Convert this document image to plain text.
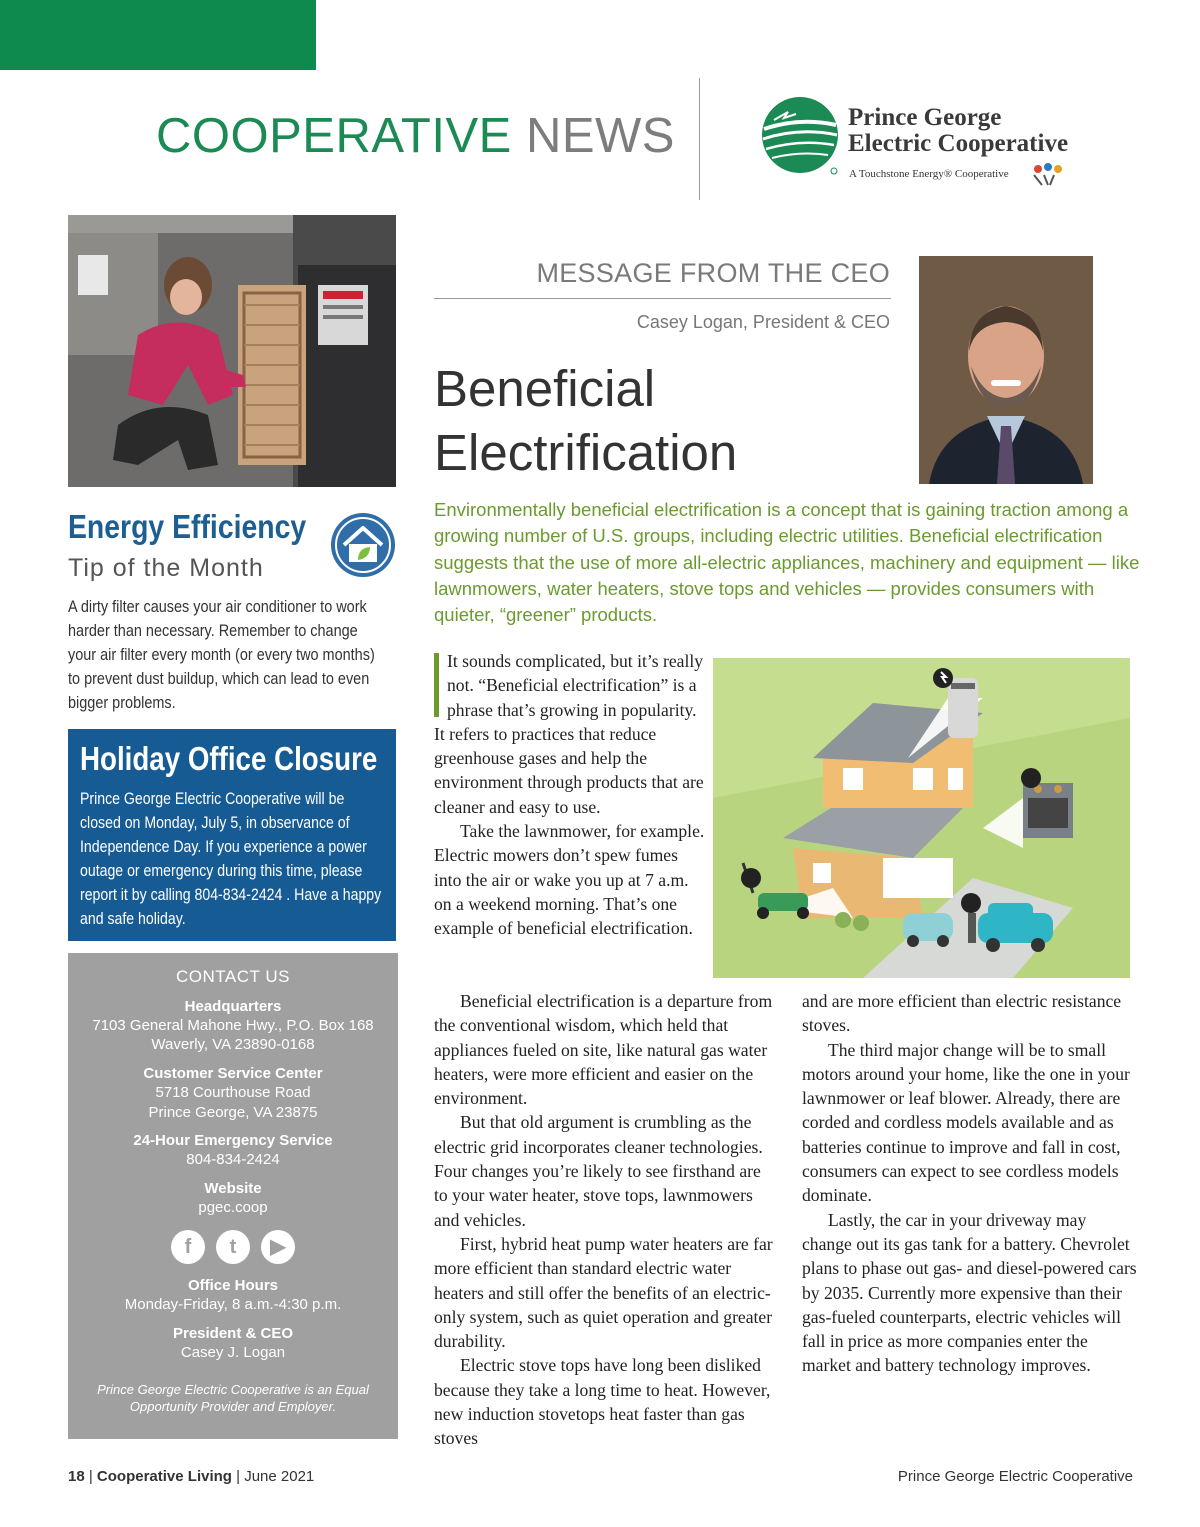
COOPERATIVE NEWS	Prince George
Electric Cooperative
A Touchstone Energy® Cooperative
Energy Efficiency
Tip of the Month
A dirty filter causes your air conditioner to work harder than necessary. Remember to change your air filter every month (or every two months) to prevent dust buildup, which can lead to even bigger problems.
Holiday Office Closure
Prince George Electric Cooperative will be closed on Monday, July 5, in observance of Independence Day. If you experience a power outage or emergency during this time, please report it by calling 804-834-2424 . Have a happy and safe holiday.
CONTACT US
Headquarters
7103 General Mahone Hwy., P.O. Box 168
Waverly, VA 23890-0168
Customer Service Center
5718 Courthouse Road
Prince George, VA 23875
24-Hour Emergency Service
804-834-2424
Website
pgec.coop
f	t	▶
Office Hours
Monday-Friday, 8 a.m.-4:30 p.m.
President & CEO
Casey J. Logan
Prince George Electric Cooperative is an Equal Opportunity Provider and Employer.
MESSAGE FROM THE CEO
Casey Logan, President & CEO
Beneficial
Electrification
Environmentally beneficial electrification is a concept that is gaining traction among a growing number of U.S. groups, including electric utilities. Beneficial electrification suggests that the use of more all-electric appliances, machinery and equipment — like lawnmowers, water heaters, stove tops and vehicles — provides consumers with quieter, “greener” products.

It sounds complicated, but it’s really not. “Beneficial electrification” is a phrase that’s growing in popularity. It refers to practices that reduce greenhouse gases and help the environment through products that are cleaner and easy to use.

Take the lawnmower, for example. Electric mowers don’t spew fumes into the air or wake you up at 7 a.m. on a weekend morning. That’s one example of beneficial electrification.

Beneficial electrification is a departure from the conventional wisdom, which held that appliances fueled on site, like natural gas water heaters, were more efficient and easier on the environment.

But that old argument is crumbling as the electric grid incorporates cleaner technologies. Four changes you’re likely to see firsthand are to your water heater, stove tops, lawnmowers and vehicles.

First, hybrid heat pump water heaters are far more efficient than standard electric water heaters and still offer the benefits of an electric-only system, such as quiet operation and greater durability.

Electric stove tops have long been disliked because they take a long time to heat. However, new induction stovetops heat faster than gas stoves

and are more efficient than electric resistance stoves.

The third major change will be to small motors around your home, like the one in your lawnmower or leaf blower. Already, there are corded and cordless models available and as batteries continue to improve and fall in cost, consumers can expect to see cordless models dominate.

Lastly, the car in your driveway may change out its gas tank for a battery. Chevrolet plans to phase out gas- and diesel-powered cars by 2035. Currently more expensive than their gas-fueled counterparts, electric vehicles will fall in price as more companies enter the market and battery technology improves.

18 | Cooperative Living | June 2021	Prince George Electric Cooperative
